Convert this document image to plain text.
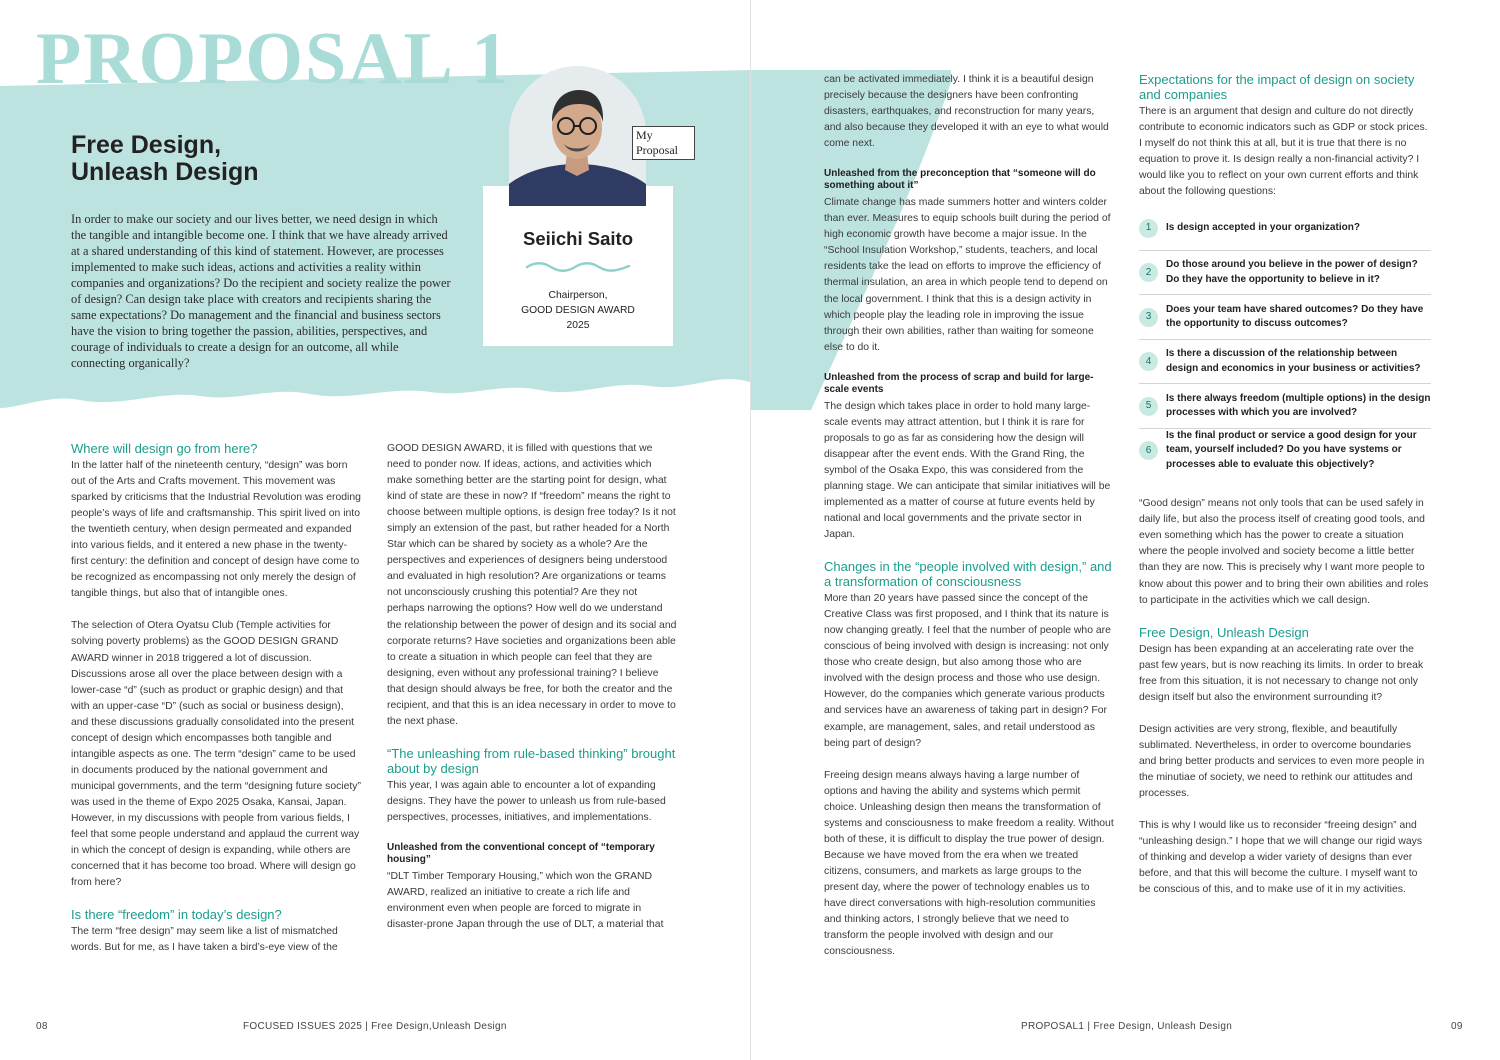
PROPOSAL 1
Free Design,
Unleash Design

In order to make our society and our lives better, we need design in which the tangible and intangible become one. I think that we have already arrived at a shared understanding of this kind of statement. However, are processes implemented to make such ideas, actions and activities a reality within companies and organizations? Do the recipient and society realize the power of design? Can design take place with creators and recipients sharing the same expectations? Do management and the financial and business sectors have the vision to bring together the passion, abilities, perspectives, and courage of individuals to create a design for an outcome, all while connecting organically?

My
Proposal
Seiichi Saito
Chairperson,
GOOD DESIGN AWARD
2025
Where will design go from here?

In the latter half of the nineteenth century, “design” was born out of the Arts and Crafts movement. This movement was sparked by criticisms that the Industrial Revolution was eroding people’s ways of life and craftsmanship. This spirit lived on into the twentieth century, when design permeated and expanded into various fields, and it entered a new phase in the twenty-first century: the definition and concept of design have come to be recognized as encompassing not only merely the design of tangible things, but also that of intangible ones.

The selection of Otera Oyatsu Club (Temple activities for solving poverty problems) as the GOOD DESIGN GRAND AWARD winner in 2018 triggered a lot of discussion. Discussions arose all over the place between design with a lower-case “d” (such as product or graphic design) and that with an upper-case “D” (such as social or business design), and these discussions gradually consolidated into the present concept of design which encompasses both tangible and intangible aspects as one. The term “design” came to be used in documents produced by the national government and municipal governments, and the term “designing future society” was used in the theme of Expo 2025 Osaka, Kansai, Japan. However, in my discussions with people from various fields, I feel that some people understand and applaud the current way in which the concept of design is expanding, while others are concerned that it has become too broad. Where will design go from here?

Is there “freedom” in today’s design?

The term “free design” may seem like a list of mismatched words. But for me, as I have taken a bird’s-eye view of the

GOOD DESIGN AWARD, it is filled with questions that we need to ponder now. If ideas, actions, and activities which make something better are the starting point for design, what kind of state are these in now? If “freedom” means the right to choose between multiple options, is design free today? Is it not simply an extension of the past, but rather headed for a North Star which can be shared by society as a whole? Are the perspectives and experiences of designers being understood and evaluated in high resolution? Are organizations or teams not unconsciously crushing this potential? Are they not perhaps narrowing the options? How well do we understand the relationship between the power of design and its social and corporate returns? Have societies and organizations been able to create a situation in which people can feel that they are designing, even without any professional training? I believe that design should always be free, for both the creator and the recipient, and that this is an idea necessary in order to move to the next phase.

“The unleashing from rule-based thinking” brought about by design

This year, I was again able to encounter a lot of expanding designs. They have the power to unleash us from rule-based perspectives, processes, initiatives, and implementations.

Unleashed from the conventional concept of “temporary housing”

“DLT Timber Temporary Housing,” which won the GRAND AWARD, realized an initiative to create a rich life and environment even when people are forced to migrate in disaster-prone Japan through the use of DLT, a material that

08	FOCUSED ISSUES 2025 | Free Design,Unleash Design

can be activated immediately. I think it is a beautiful design precisely because the designers have been confronting disasters, earthquakes, and reconstruction for many years, and also because they developed it with an eye to what would come next.

Unleashed from the preconception that “someone will do something about it”

Climate change has made summers hotter and winters colder than ever. Measures to equip schools built during the period of high economic growth have become a major issue. In the “School Insulation Workshop,” students, teachers, and local residents take the lead on efforts to improve the efficiency of thermal insulation, an area in which people tend to depend on the local government. I think that this is a design activity in which people play the leading role in improving the issue through their own abilities, rather than waiting for someone else to do it.

Unleashed from the process of scrap and build for large-scale events

The design which takes place in order to hold many large-scale events may attract attention, but I think it is rare for proposals to go as far as considering how the design will disappear after the event ends. With the Grand Ring, the symbol of the Osaka Expo, this was considered from the planning stage. We can anticipate that similar initiatives will be implemented as a matter of course at future events held by national and local governments and the private sector in Japan.

Changes in the “people involved with design,” and a transformation of consciousness

More than 20 years have passed since the concept of the Creative Class was first proposed, and I think that its nature is now changing greatly. I feel that the number of people who are conscious of being involved with design is increasing: not only those who create design, but also among those who are involved with the design process and those who use design. However, do the companies which generate various products and services have an awareness of taking part in design? For example, are management, sales, and retail understood as being part of design?

Freeing design means always having a large number of options and having the ability and systems which permit choice. Unleashing design then means the transformation of systems and consciousness to make freedom a reality. Without both of these, it is difficult to display the true power of design. Because we have moved from the era when we treated citizens, consumers, and markets as large groups to the present day, where the power of technology enables us to have direct conversations with high-resolution communities and thinking actors, I strongly believe that we need to transform the people involved with design and our consciousness.

Expectations for the impact of design on society and companies

There is an argument that design and culture do not directly contribute to economic indicators such as GDP or stock prices. I myself do not think this at all, but it is true that there is no equation to prove it. Is design really a non-financial activity? I would like you to reflect on your own current efforts and think about the following questions:

1	Is design accepted in your organization?
2
Do those around you believe in the power of design? Do they have the opportunity to believe in it?
3
Does your team have shared outcomes? Do they have the opportunity to discuss outcomes?
4
Is there a discussion of the relationship between design and economics in your business or activities?
5
Is there always freedom (multiple options) in the design processes with which you are involved?
6
Is the final product or service a good design for your team, yourself included? Do you have systems or processes able to evaluate this objectively?

“Good design” means not only tools that can be used safely in daily life, but also the process itself of creating good tools, and even something which has the power to create a situation where the people involved and society become a little better than they are now. This is precisely why I want more people to know about this power and to bring their own abilities and roles to participate in the activities which we call design.

Free Design, Unleash Design

Design has been expanding at an accelerating rate over the past few years, but is now reaching its limits. In order to break free from this situation, it is not necessary to change not only design itself but also the environment surrounding it?

Design activities are very strong, flexible, and beautifully sublimated. Nevertheless, in order to overcome boundaries and bring better products and services to even more people in the minutiae of society, we need to rethink our attitudes and processes.

This is why I would like us to reconsider “freeing design” and “unleashing design.” I hope that we will change our rigid ways of thinking and develop a wider variety of designs than ever before, and that this will become the culture. I myself want to be conscious of this, and to make use of it in my activities.

PROPOSAL1 | Free Design, Unleash Design	09
